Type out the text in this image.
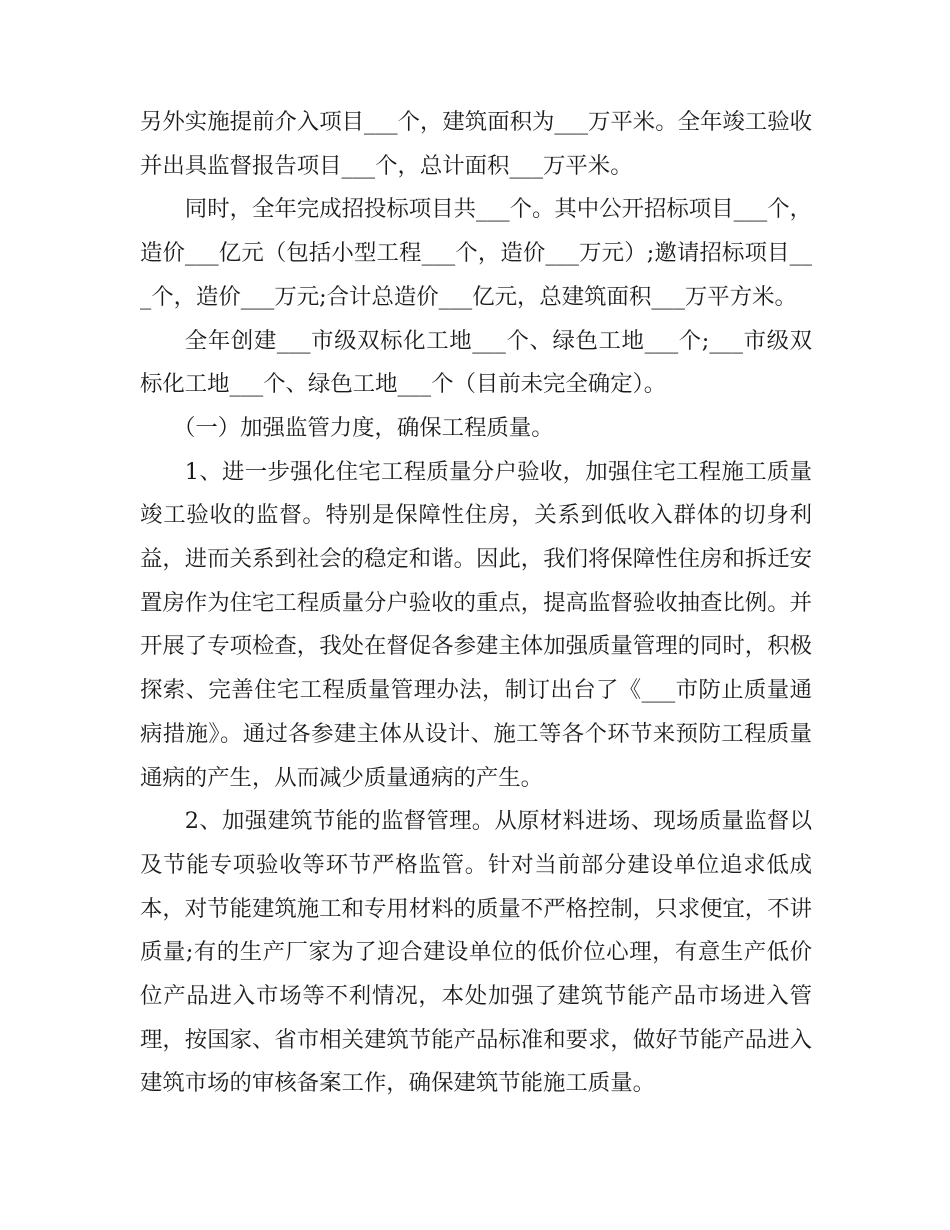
另外实施提前介入项目___个，建筑面积为___万平米。全年竣工验收并出具监督报告项目___个，总计面积___万平米。

同时，全年完成招投标项目共___个。其中公开招标项目___个，造价___亿元（包括小型工程___个，造价___万元）;邀请招标项目___个，造价___万元;合计总造价___亿元，总建筑面积___万平方米。

全年创建___市级双标化工地___个、绿色工地___个;___市级双标化工地___个、绿色工地___个（目前未完全确定）。

（一）加强监管力度，确保工程质量。

1、进一步强化住宅工程质量分户验收，加强住宅工程施工质量竣工验收的监督。特别是保障性住房，关系到低收入群体的切身利益，进而关系到社会的稳定和谐。因此，我们将保障性住房和拆迁安置房作为住宅工程质量分户验收的重点，提高监督验收抽查比例。并开展了专项检查，我处在督促各参建主体加强质量管理的同时，积极探索、完善住宅工程质量管理办法，制订出台了《___市防止质量通病措施》。通过各参建主体从设计、施工等各个环节来预防工程质量通病的产生，从而减少质量通病的产生。

2、加强建筑节能的监督管理。从原材料进场、现场质量监督以及节能专项验收等环节严格监管。针对当前部分建设单位追求低成本，对节能建筑施工和专用材料的质量不严格控制，只求便宜，不讲质量;有的生产厂家为了迎合建设单位的低价位心理，有意生产低价位产品进入市场等不利情况，本处加强了建筑节能产品市场进入管理，按国家、省市相关建筑节能产品标准和要求，做好节能产品进入建筑市场的审核备案工作，确保建筑节能施工质量。
